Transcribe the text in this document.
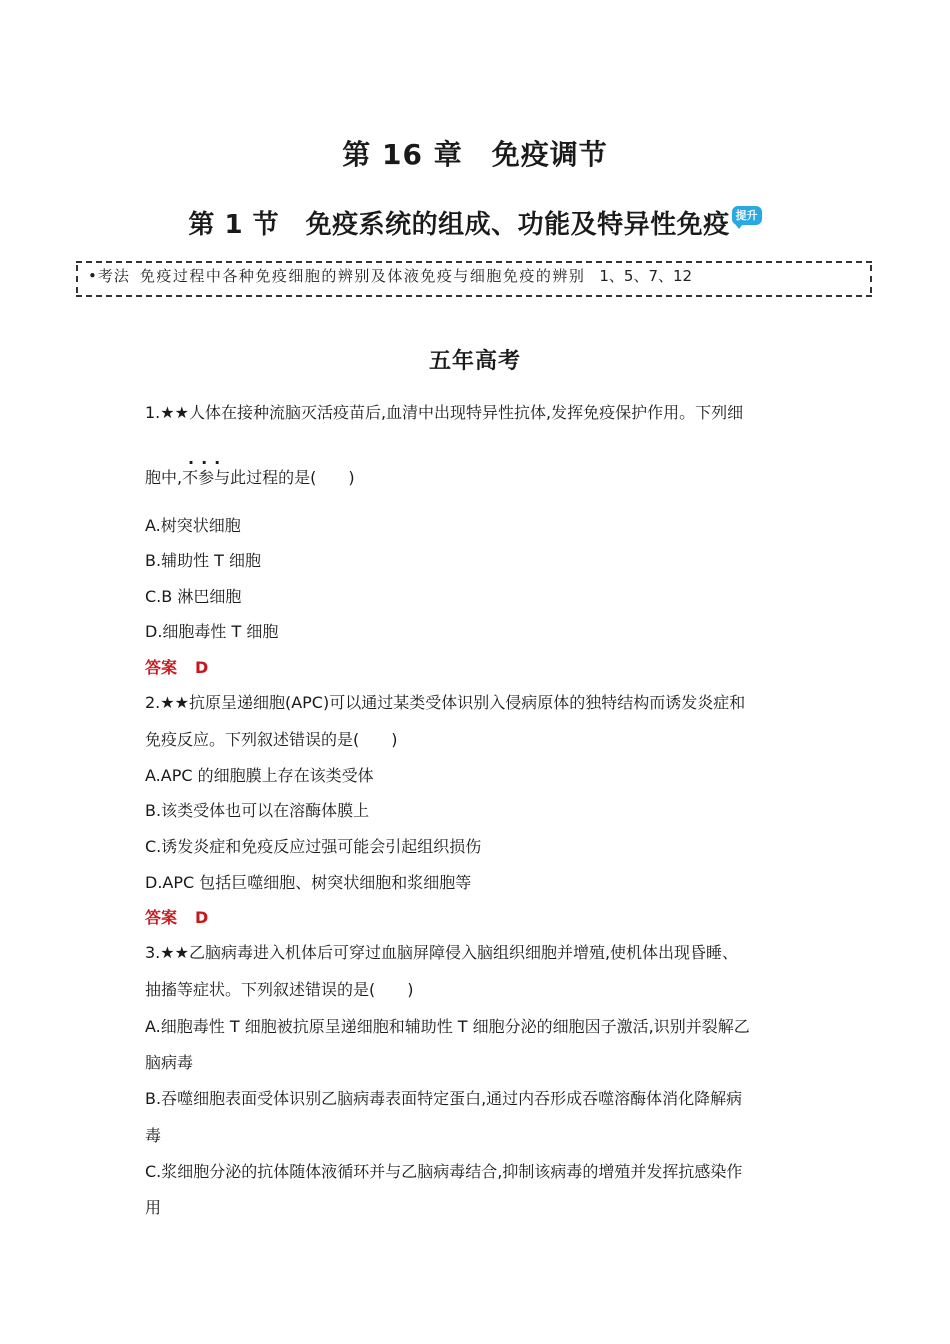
第 16 章　免疫调节
第 1 节　免疫系统的组成、功能及特异性免疫 提升
•考法 免疫过程中各种免疫细胞的辨别及体液免疫与细胞免疫的辨别 1、5、7、12
五年高考
1.★★人体在接种流脑灭活疫苗后,血清中出现特异性抗体,发挥免疫保护作用。下列细
...
胞中,不参与此过程的是(　　)
A.树突状细胞
B.辅助性 T 细胞
C.B 淋巴细胞
D.细胞毒性 T 细胞
答案 D
2.★★抗原呈递细胞(APC)可以通过某类受体识别入侵病原体的独特结构而诱发炎症和
免疫反应。下列叙述错误的是(　　)
A.APC 的细胞膜上存在该类受体
B.该类受体也可以在溶酶体膜上
C.诱发炎症和免疫反应过强可能会引起组织损伤
D.APC 包括巨噬细胞、树突状细胞和浆细胞等
答案 D
3.★★乙脑病毒进入机体后可穿过血脑屏障侵入脑组织细胞并增殖,使机体出现昏睡、
抽搐等症状。下列叙述错误的是(　　)
A.细胞毒性 T 细胞被抗原呈递细胞和辅助性 T 细胞分泌的细胞因子激活,识别并裂解乙
脑病毒
B.吞噬细胞表面受体识别乙脑病毒表面特定蛋白,通过内吞形成吞噬溶酶体消化降解病
毒
C.浆细胞分泌的抗体随体液循环并与乙脑病毒结合,抑制该病毒的增殖并发挥抗感染作
用
